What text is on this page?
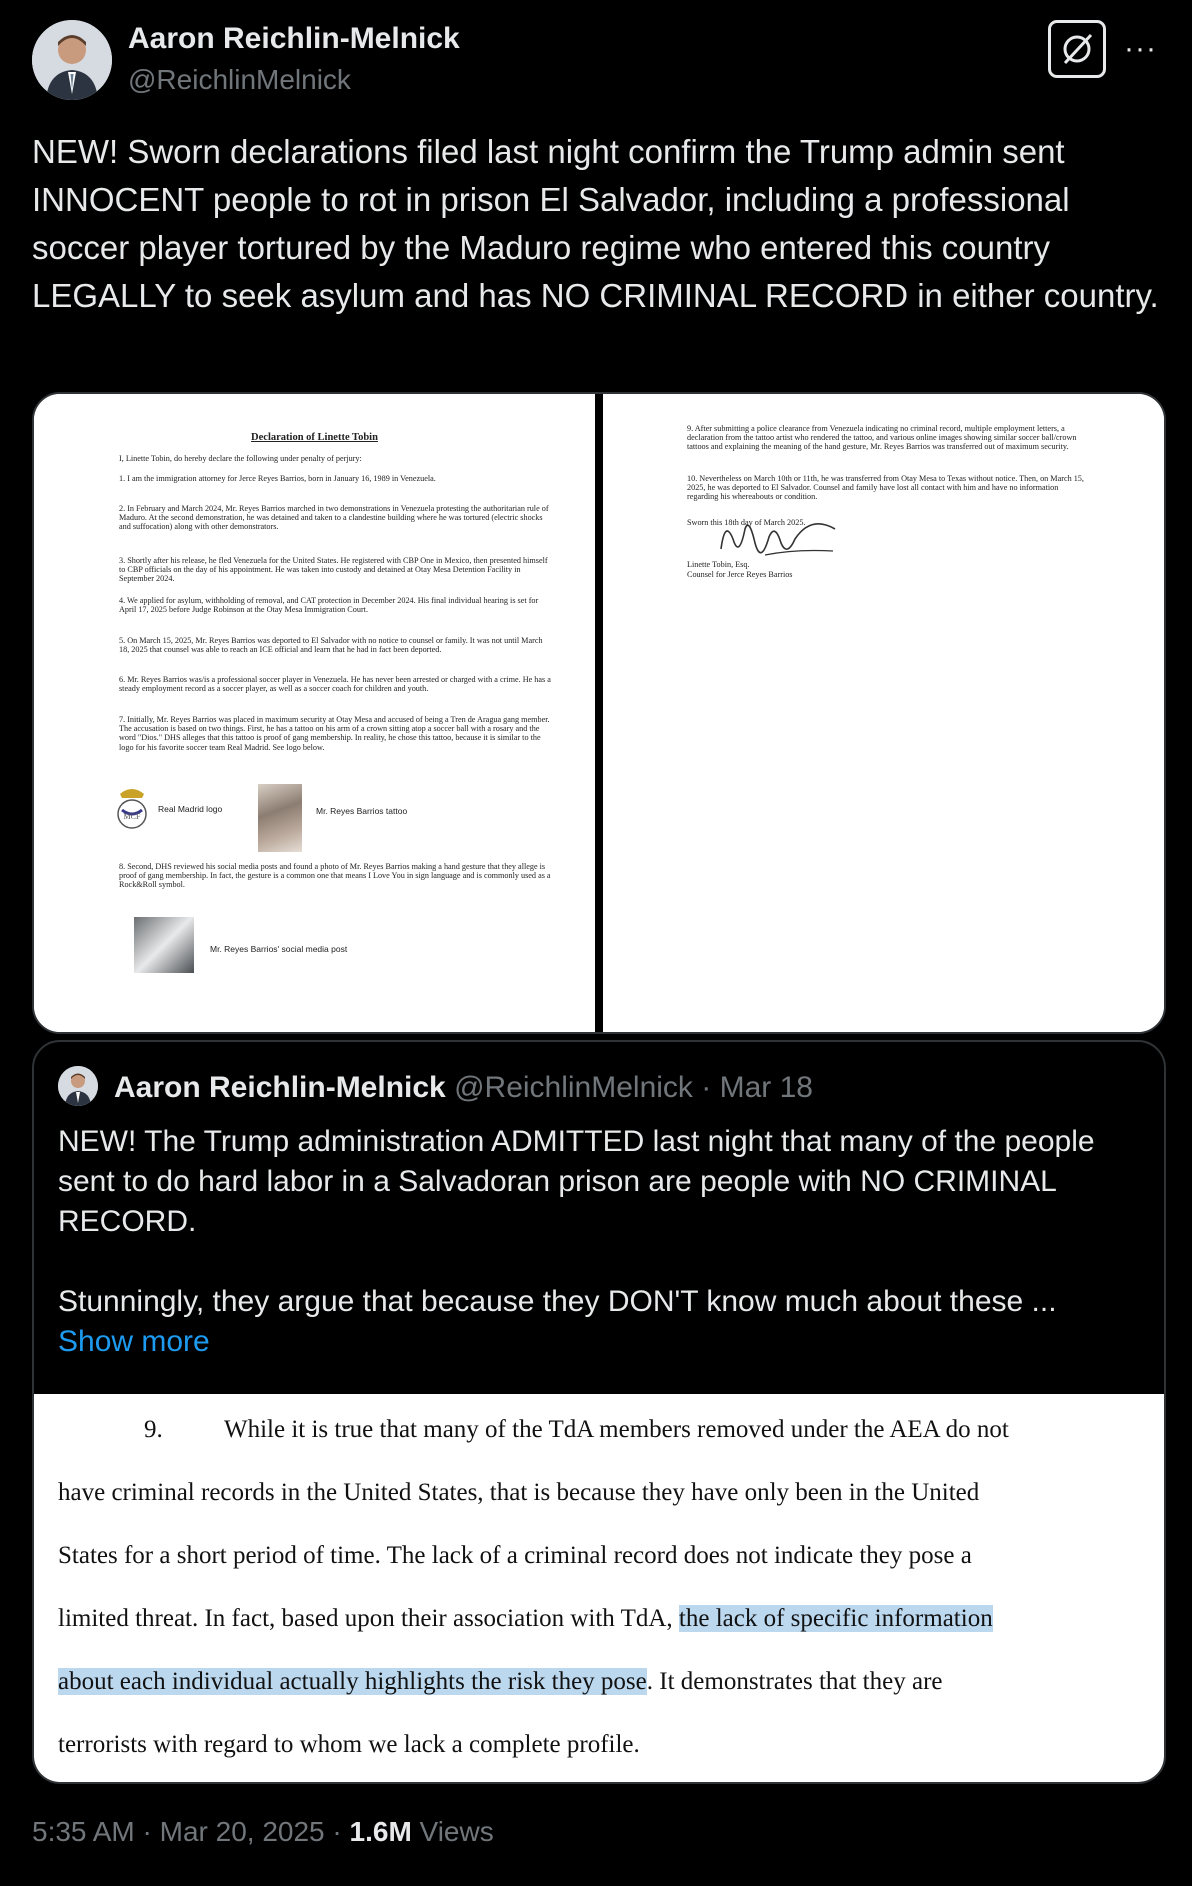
Aaron Reichlin-Melnick
@ReichlinMelnick
···
NEW! Sworn declarations filed last night confirm the Trump admin sent INNOCENT people to rot in prison El Salvador, including a professional soccer player tortured by the Maduro regime who entered this country LEGALLY to seek asylum and has NO CRIMINAL RECORD in either country.

Declaration of Linette Tobin

I, Linette Tobin, do hereby declare the following under penalty of perjury:

1. I am the immigration attorney for Jerce Reyes Barrios, born in January 16, 1989 in Venezuela.

2. In February and March 2024, Mr. Reyes Barrios marched in two demonstrations in Venezuela protesting the authoritarian rule of Maduro. At the second demonstration, he was detained and taken to a clandestine building where he was tortured (electric shocks and suffocation) along with other demonstrators.

3. Shortly after his release, he fled Venezuela for the United States. He registered with CBP One in Mexico, then presented himself to CBP officials on the day of his appointment. He was taken into custody and detained at Otay Mesa Detention Facility in September 2024.

4. We applied for asylum, withholding of removal, and CAT protection in December 2024. His final individual hearing is set for April 17, 2025 before Judge Robinson at the Otay Mesa Immigration Court.

5. On March 15, 2025, Mr. Reyes Barrios was deported to El Salvador with no notice to counsel or family. It was not until March 18, 2025 that counsel was able to reach an ICE official and learn that he had in fact been deported.

6. Mr. Reyes Barrios was/is a professional soccer player in Venezuela. He has never been arrested or charged with a crime. He has a steady employment record as a soccer player, as well as a soccer coach for children and youth.

7. Initially, Mr. Reyes Barrios was placed in maximum security at Otay Mesa and accused of being a Tren de Aragua gang member. The accusation is based on two things. First, he has a tattoo on his arm of a crown sitting atop a soccer ball with a rosary and the word "Dios." DHS alleges that this tattoo is proof of gang membership. In reality, he chose this tattoo, because it is similar to the logo for his favorite soccer team Real Madrid. See logo below.

MCF
Real Madrid logo	Mr. Reyes Barrios tattoo

8. Second, DHS reviewed his social media posts and found a photo of Mr. Reyes Barrios making a hand gesture that they allege is proof of gang membership. In fact, the gesture is a common one that means I Love You in sign language and is commonly used as a Rock&Roll symbol.

Mr. Reyes Barrios' social media post

9. After submitting a police clearance from Venezuela indicating no criminal record, multiple employment letters, a declaration from the tattoo artist who rendered the tattoo, and various online images showing similar soccer ball/crown tattoos and explaining the meaning of the hand gesture, Mr. Reyes Barrios was transferred out of maximum security.

10. Nevertheless on March 10th or 11th, he was transferred from Otay Mesa to Texas without notice. Then, on March 15, 2025, he was deported to El Salvador. Counsel and family have lost all contact with him and have no information regarding his whereabouts or condition.

Sworn this 18th day of March 2025.

Linette Tobin, Esq.

Counsel for Jerce Reyes Barrios

Aaron Reichlin-Melnick @ReichlinMelnick · Mar 18

NEW! The Trump administration ADMITTED last night that many of the people sent to do hard labor in a Salvadoran prison are people with NO CRIMINAL RECORD.

Stunningly, they argue that because they DON'T know much about these ...

Show more
9. While it is true that many of the TdA members removed under the AEA do not
have criminal records in the United States, that is because they have only been in the United
States for a short period of time. The lack of a criminal record does not indicate they pose a
limited threat. In fact, based upon their association with TdA, the lack of specific information
about each individual actually highlights the risk they pose. It demonstrates that they are
terrorists with regard to whom we lack a complete profile.
5:35 AM · Mar 20, 2025 · 1.6M Views
